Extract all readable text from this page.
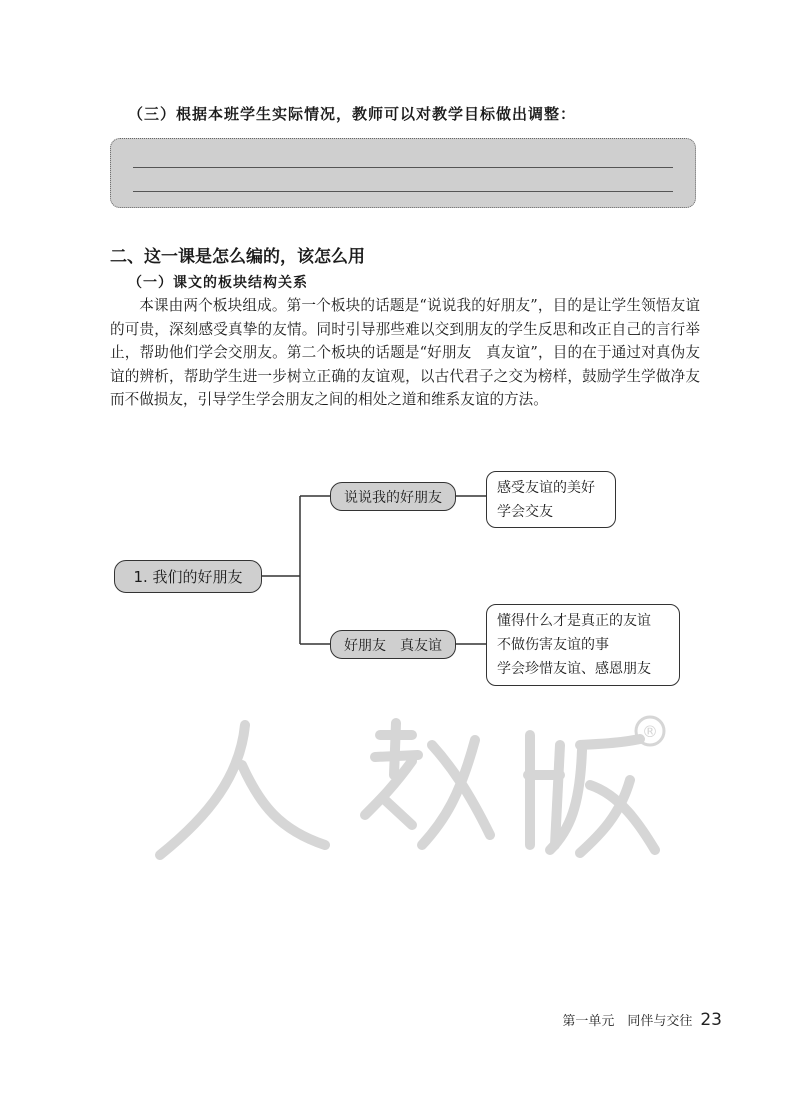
（三）根据本班学生实际情况，教师可以对教学目标做出调整：
二、这一课是怎么编的，该怎么用
（一）课文的板块结构关系
本课由两个板块组成。第一个板块的话题是“说说我的好朋友”，目的是让学生领悟友谊的可贵，深刻感受真挚的友情。同时引导那些难以交到朋友的学生反思和改正自己的言行举止，帮助他们学会交朋友。第二个板块的话题是“好朋友　真友谊”，目的在于通过对真伪友谊的辨析，帮助学生进一步树立正确的友谊观，以古代君子之交为榜样，鼓励学生学做净友而不做损友，引导学生学会朋友之间的相处之道和维系友谊的方法。
1. 我们的好朋友
说说我的好朋友
好朋友　真友谊
感受友谊的美好
学会交友
懂得什么才是真正的友谊
不做伤害友谊的事
学会珍惜友谊、感恩朋友
®
第一单元　同伴与交往 23
